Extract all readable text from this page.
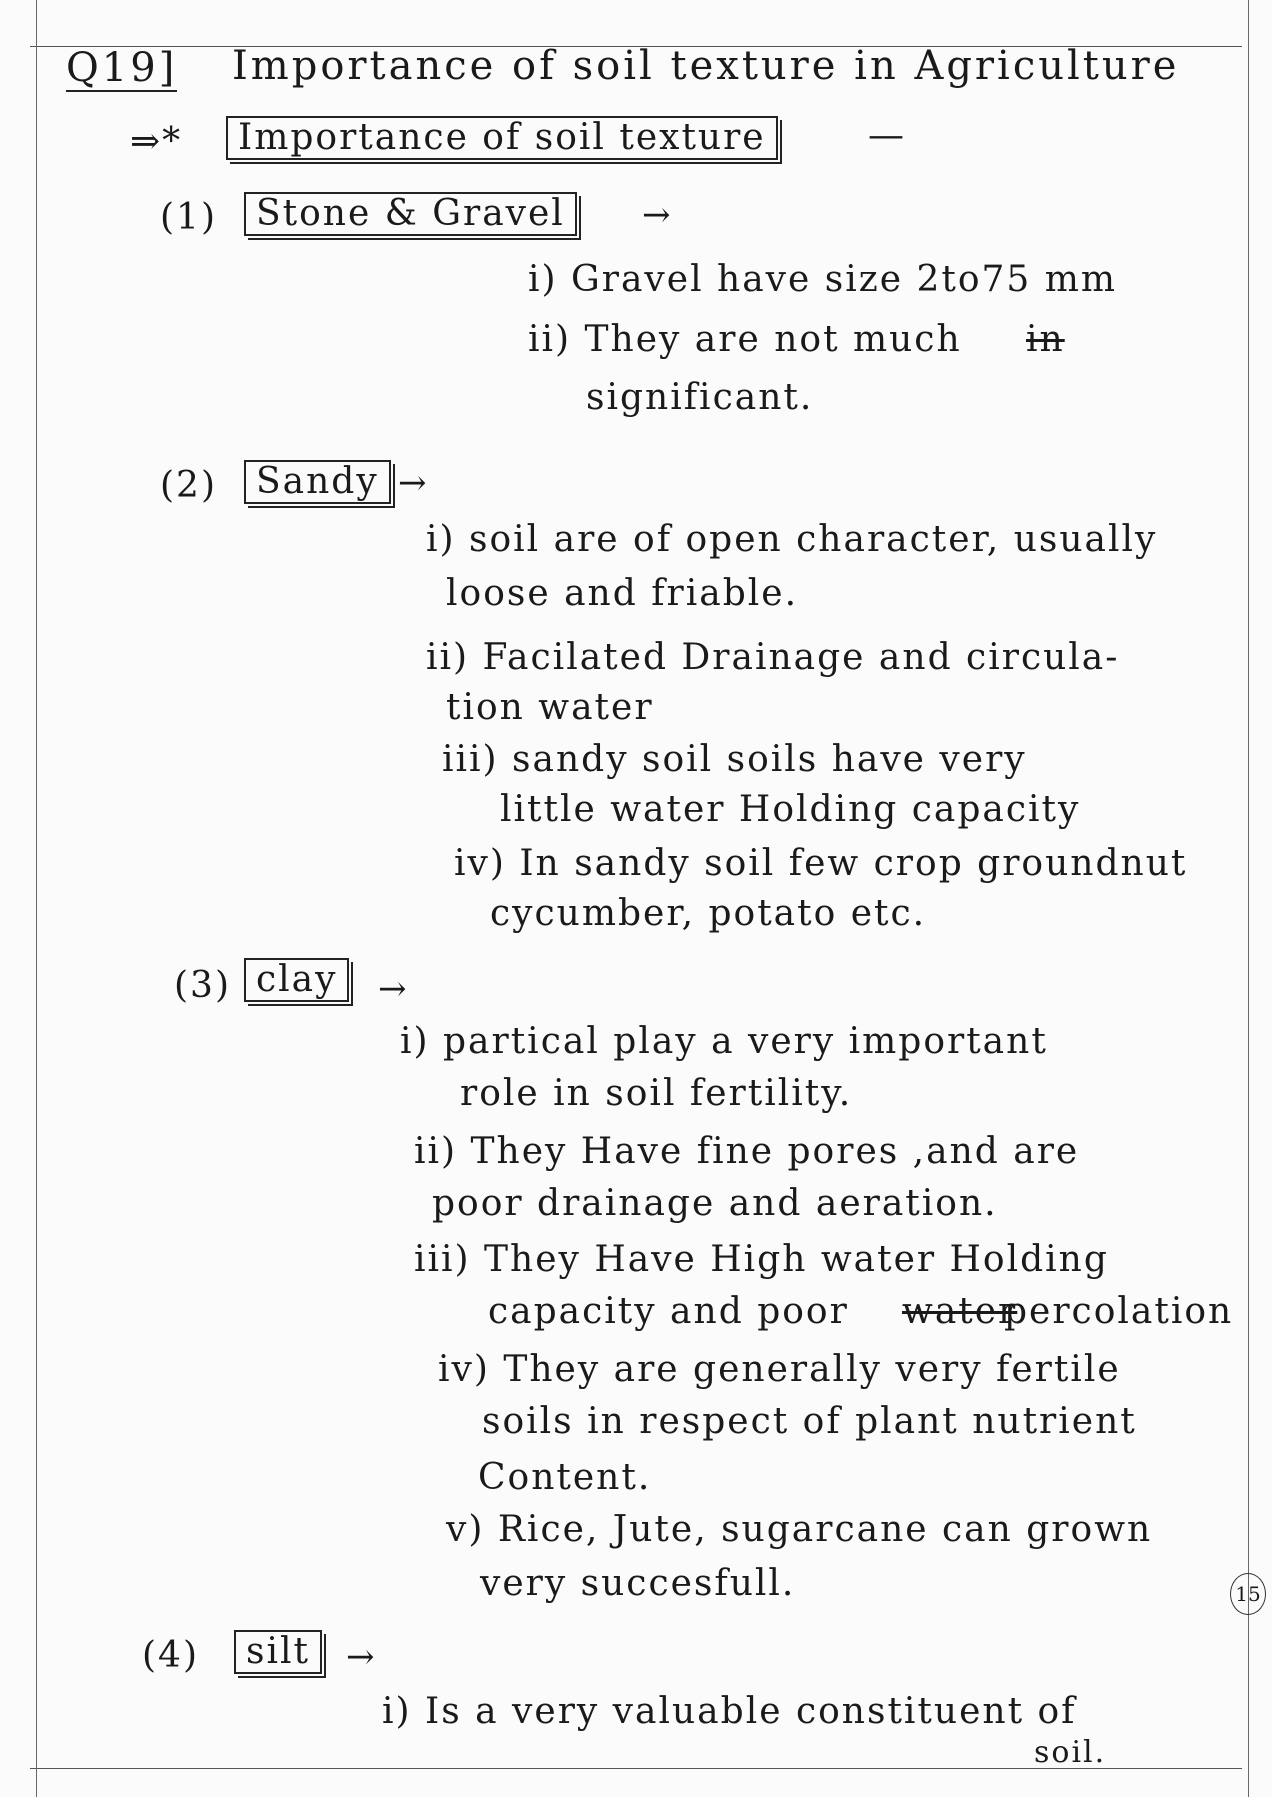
Q19] Importance of soil texture in Agriculture
⇒*	Importance of soil texture	—
(1)	Stone & Gravel	→
i) Gravel have size 2to75 mm
ii) They are not much in
significant.
(2)	Sandy →
i) soil are of open character, usually
loose and friable.
ii) Facilated Drainage and circula-
tion water
iii) sandy soil soils have very
little water Holding capacity
iv) In sandy soil few crop groundnut
cycumber, potato etc.
(3) clay	→
i) partical play a very important
role in soil fertility.
ii) They Have fine pores ,and are
poor drainage and aeration.
iii) They Have High water Holding
capacity and poor water
percolation
iv) They are generally very fertile
soils in respect of plant nutrient
Content.
v) Rice, Jute, sugarcane can grown
very succesfull.	15
(4)	silt	→
i) Is a very valuable constituent of
soil.
